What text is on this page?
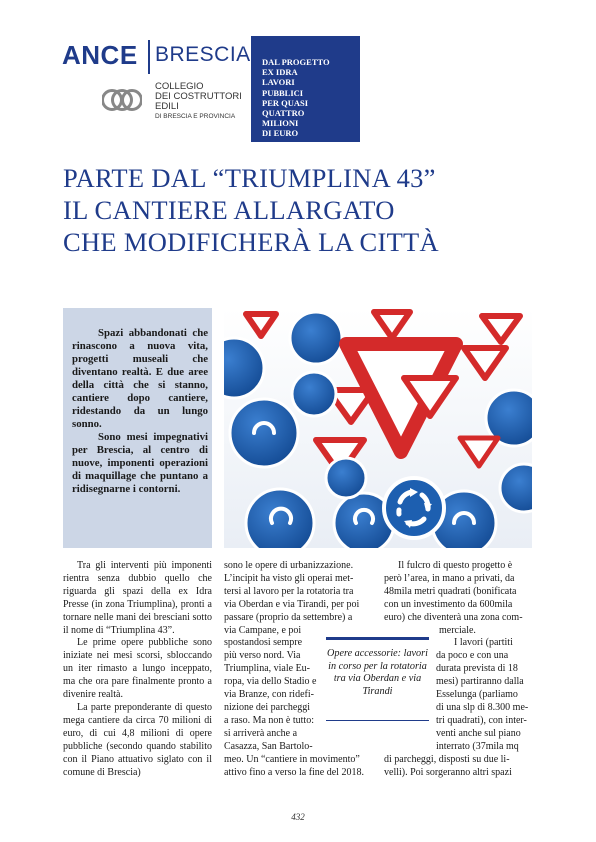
ANCE BRESCIA
COLLEGIO
DEI COSTRUTTORI
EDILI
DI BRESCIA E PROVINCIA
DAL PROGETTO
EX IDRA
LAVORI
PUBBLICI
PER QUASI
QUATTRO
MILIONI
DI EURO
PARTE DAL “TRIUMPLINA 43”
IL CANTIERE ALLARGATO
CHE MODIFICHERÀ LA CITTÀ

Spazi abbandonati che rinascono a nuova vita, progetti museali che diventano realtà. E due aree della città che si stanno, cantiere dopo cantiere, ridestando da un lungo sonno.

Sono mesi impegnativi per Brescia, al centro di nuove, imponenti operazioni di maquillage che puntano a ridisegnarne i contorni.

Tra gli interventi più imponenti rientra senza dubbio quello che riguarda gli spazi della ex Idra Presse (in zona Triumplina), pronti a tornare nelle mani dei bresciani sotto il nome di “Triumplina 43”.

Le prime opere pubbliche sono iniziate nei mesi scorsi, sbloccando un iter rimasto a lungo inceppato, ma che ora pare finalmente pronto a divenire realtà.

La parte preponderante di questo mega cantiere da circa 70 milioni di euro, di cui 4,8 milioni di opere pubbliche (secondo quando stabilito con il Piano attuativo siglato con il comune di Brescia)

sono le opere di urbanizzazione.
L’incipit ha visto gli operai met-
tersi al lavoro per la rotatoria tra
via Oberdan e via Tirandi, per poi
passare (proprio da settembre) a
via Campane, e poi
spostandosi sempre
più verso nord. Via
Triumplina, viale Eu-
ropa, via dello Stadio e
via Branze, con ridefi-
nizione dei parcheggi
a raso. Ma non è tutto:
si arriverà anche a
Casazza, San Bartolo-
meo. Un “cantiere in movimento”
attivo fino a verso la fine del 2018.
Il fulcro di questo progetto è
però l’area, in mano a privati, da
48mila metri quadrati (bonificata
con un investimento da 600mila
euro) che diventerà una zona com-
merciale.
I lavori (partiti
da poco e con una
durata prevista di 18
mesi) partiranno dalla
Esselunga (parliamo
di una slp di 8.300 me-
tri quadrati), con inter-
venti anche sul piano
interrato (37mila mq
di parcheggi, disposti su due li-
velli). Poi sorgeranno altri spazi
Opere accessorie: lavori in corso per la rotatoria tra via Oberdan e via Tirandi
432
